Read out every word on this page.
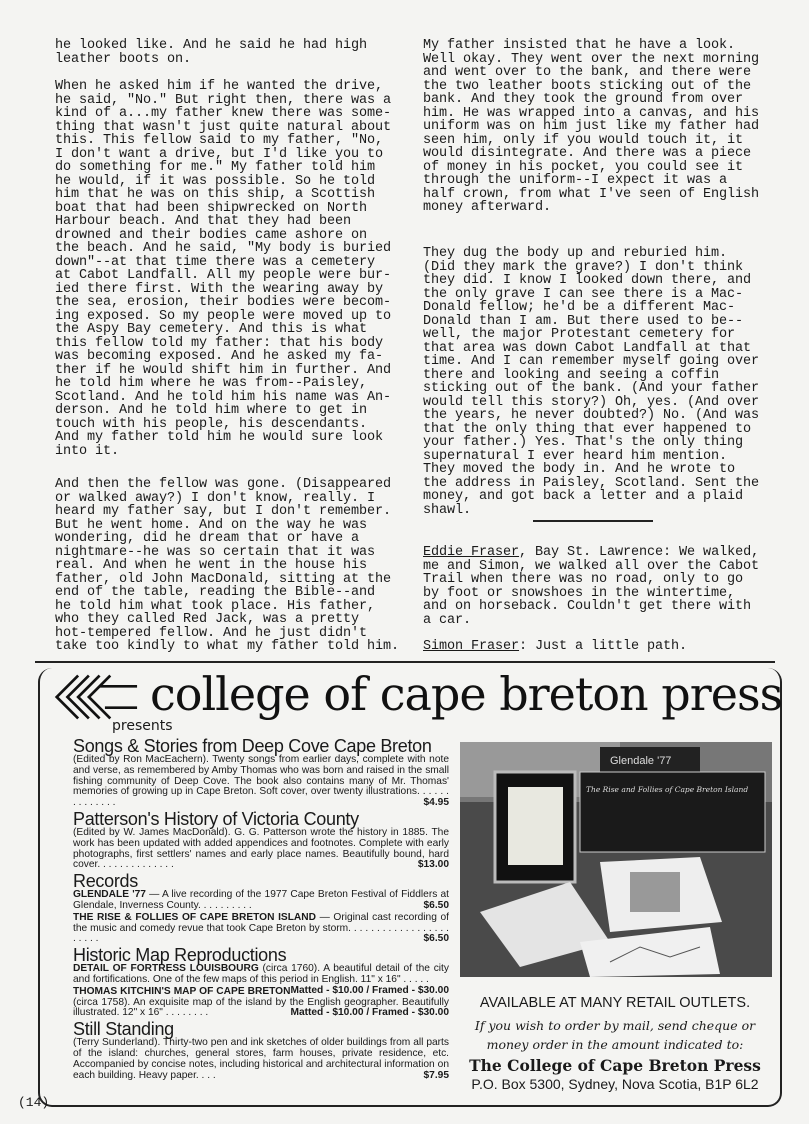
he looked like. And he said he had high
leather boots on.

When he asked him if he wanted the drive,
he said, "No." But right then, there was a
kind of a...my father knew there was some-
thing that wasn't just quite natural about
this. This fellow said to my father, "No,
I don't want a drive, but I'd like you to
do something for me." My father told him
he would, if it was possible. So he told
him that he was on this ship, a Scottish
boat that had been shipwrecked on North
Harbour beach. And that they had been
drowned and their bodies came ashore on
the beach. And he said, "My body is buried
down"--at that time there was a cemetery
at Cabot Landfall. All my people were bur-
ied there first. With the wearing away by
the sea, erosion, their bodies were becom-
ing exposed. So my people were moved up to
the Aspy Bay cemetery. And this is what
this fellow told my father: that his body
was becoming exposed. And he asked my fa-
ther if he would shift him in further. And
he told him where he was from--Paisley,
Scotland. And he told him his name was An-
derson. And he told him where to get in
touch with his people, his descendants.
And my father told him he would sure look
into it.

And then the fellow was gone. (Disappeared
or walked away?) I don't know, really. I
heard my father say, but I don't remember.
But he went home. And on the way he was
wondering, did he dream that or have a
nightmare--he was so certain that it was
real. And when he went in the house his
father, old John MacDonald, sitting at the
end of the table, reading the Bible--and
he told him what took place. His father,
who they called Red Jack, was a pretty
hot-tempered fellow. And he just didn't
take too kindly to what my father told him.

My father insisted that he have a look.
Well okay. They went over the next morning
and went over to the bank, and there were
the two leather boots sticking out of the
bank. And they took the ground from over
him. He was wrapped into a canvas, and his
uniform was on him just like my father had
seen him, only if you would touch it, it
would disintegrate. And there was a piece
of money in his pocket, you could see it
through the uniform--I expect it was a
half crown, from what I've seen of English
money afterward.

They dug the body up and reburied him.
(Did they mark the grave?) I don't think
they did. I know I looked down there, and
the only grave I can see there is a Mac-
Donald fellow; he'd be a different Mac-
Donald than I am. But there used to be--
well, the major Protestant cemetery for
that area was down Cabot Landfall at that
time. And I can remember myself going over
there and looking and seeing a coffin
sticking out of the bank. (And your father
would tell this story?) Oh, yes. (And over
the years, he never doubted?) No. (And was
that the only thing that ever happened to
your father.) Yes. That's the only thing
supernatural I ever heard him mention.
They moved the body in. And he wrote to
the address in Paisley, Scotland. Sent the
money, and got back a letter and a plaid
shawl.

Eddie Fraser, Bay St. Lawrence: We walked,
me and Simon, we walked all over the Cabot
Trail when there was no road, only to go
by foot or snowshoes in the wintertime,
and on horseback. Couldn't get there with
a car.

Simon Fraser: Just a little path.

college of cape breton press
presents
Songs & Stories from Deep Cove Cape Breton
(Edited by Ron MacEachern). Twenty songs from earlier days, complete with note and verse, as remembered by Amby Thomas who was born and raised in the small fishing community of Deep Cove. The book also contains many of Mr. Thomas' memories of growing up in Cape Breton. Soft cover, over twenty illustrations. . . . . . . . . . . . . .	$4.95
Patterson's History of Victoria County
(Edited by W. James MacDonald). G. G. Patterson wrote the history in 1885. The work has been updated with added appendices and footnotes. Complete with early photographs, first settlers' names and early place names. Beautifully bound, hard cover. . . . . . . . . . . . . .	$13.00
Records
GLENDALE '77 — A live recording of the 1977 Cape Breton Festival of Fiddlers at Glendale, Inverness County. . . . . . . . . .	$6.50
THE RISE & FOLLIES OF CAPE BRETON ISLAND — Original cast recording of the music and comedy revue that took Cape Breton by storm. . . . . . . . . . . . . . . . . . . . . . .	$6.50
Historic Map Reproductions
DETAIL OF FORTRESS LOUISBOURG (circa 1760). A beautiful detail of the city and fortifications. One of the few maps of this period in English. 11" x 16" . . . . .
Matted - $10.00 / Framed - $30.00
THOMAS KITCHIN'S MAP OF CAPE BRETON (circa 1758). An exquisite map of the island by the English geographer. Beautifully illustrated. 12" x 16" . . . . . . . .	Matted - $10.00 / Framed - $30.00
Still Standing
(Terry Sunderland). Thirty-two pen and ink sketches of older buildings from all parts of the island: churches, general stores, farm houses, private residence, etc. Accompanied by concise notes, including historical and architectural information on each building. Heavy paper. . . .	$7.95
Glendale '77
The Rise and Follies of Cape Breton Island
AVAILABLE AT MANY RETAIL OUTLETS.
If you wish to order by mail, send cheque or
money order in the amount indicated to:
The College of Cape Breton Press
P.O. Box 5300, Sydney, Nova Scotia, B1P 6L2
(14)
